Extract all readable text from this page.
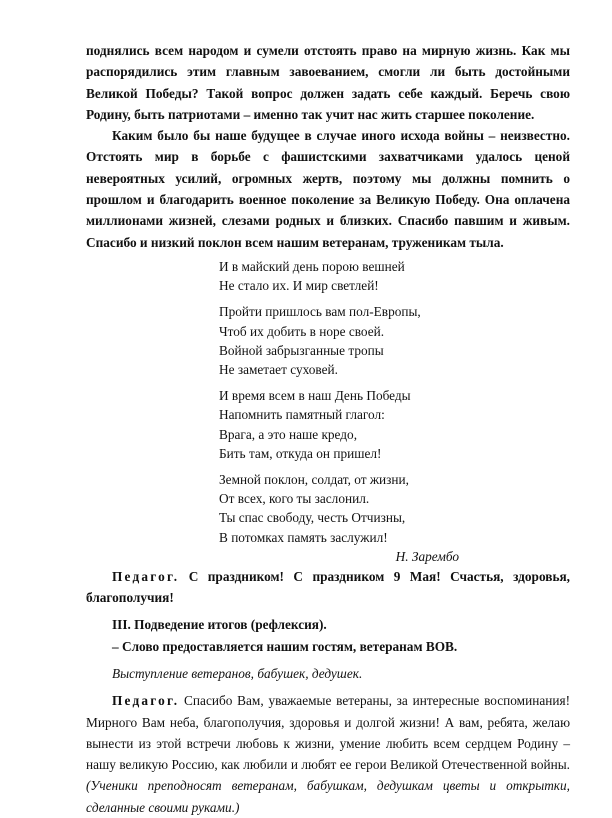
поднялись всем народом и сумели отстоять право на мирную жизнь. Как мы распорядились этим главным завоеванием, смогли ли быть достойными Великой Победы? Такой вопрос должен задать себе каждый. Беречь свою Родину, быть патриотами – именно так учит нас жить старшее поколение.

Каким было бы наше будущее в случае иного исхода войны – неизвестно. Отстоять мир в борьбе с фашистскими захватчиками удалось ценой невероятных усилий, огромных жертв, поэтому мы должны помнить о прошлом и благодарить военное поколение за Великую Победу. Она оплачена миллионами жизней, слезами родных и близких. Спасибо павшим и живым. Спасибо и низкий поклон всем нашим ветеранам, труженикам тыла.

И в майский день порою вешней
Не стало их. И мир светлей!
Пройти пришлось вам пол-Европы,
Чтоб их добить в норе своей.
Войной забрызганные тропы
Не заметает суховей.
И время всем в наш День Победы
Напомнить памятный глагол:
Врага, а это наше кредо,
Бить там, откуда он пришел!
Земной поклон, солдат, от жизни,
От всех, кого ты заслонил.
Ты спас свободу, честь Отчизны,
В потомках память заслужил!
Н. Зарембо

Педагог. С праздником! С праздником 9 Мая! Счастья, здоровья, благополучия!

III. Подведение итогов (рефлексия).

– Слово предоставляется нашим гостям, ветеранам ВОВ.

Выступление ветеранов, бабушек, дедушек.

Педагог. Спасибо Вам, уважаемые ветераны, за интересные воспоминания! Мирного Вам неба, благополучия, здоровья и долгой жизни! А вам, ребята, желаю вынести из этой встречи любовь к жизни, умение любить всем сердцем Родину – нашу великую Россию, как любили и любят ее герои Великой Отечественной войны. (Ученики преподносят ветеранам, бабушкам, дедушкам цветы и открытки, сделанные своими руками.)
